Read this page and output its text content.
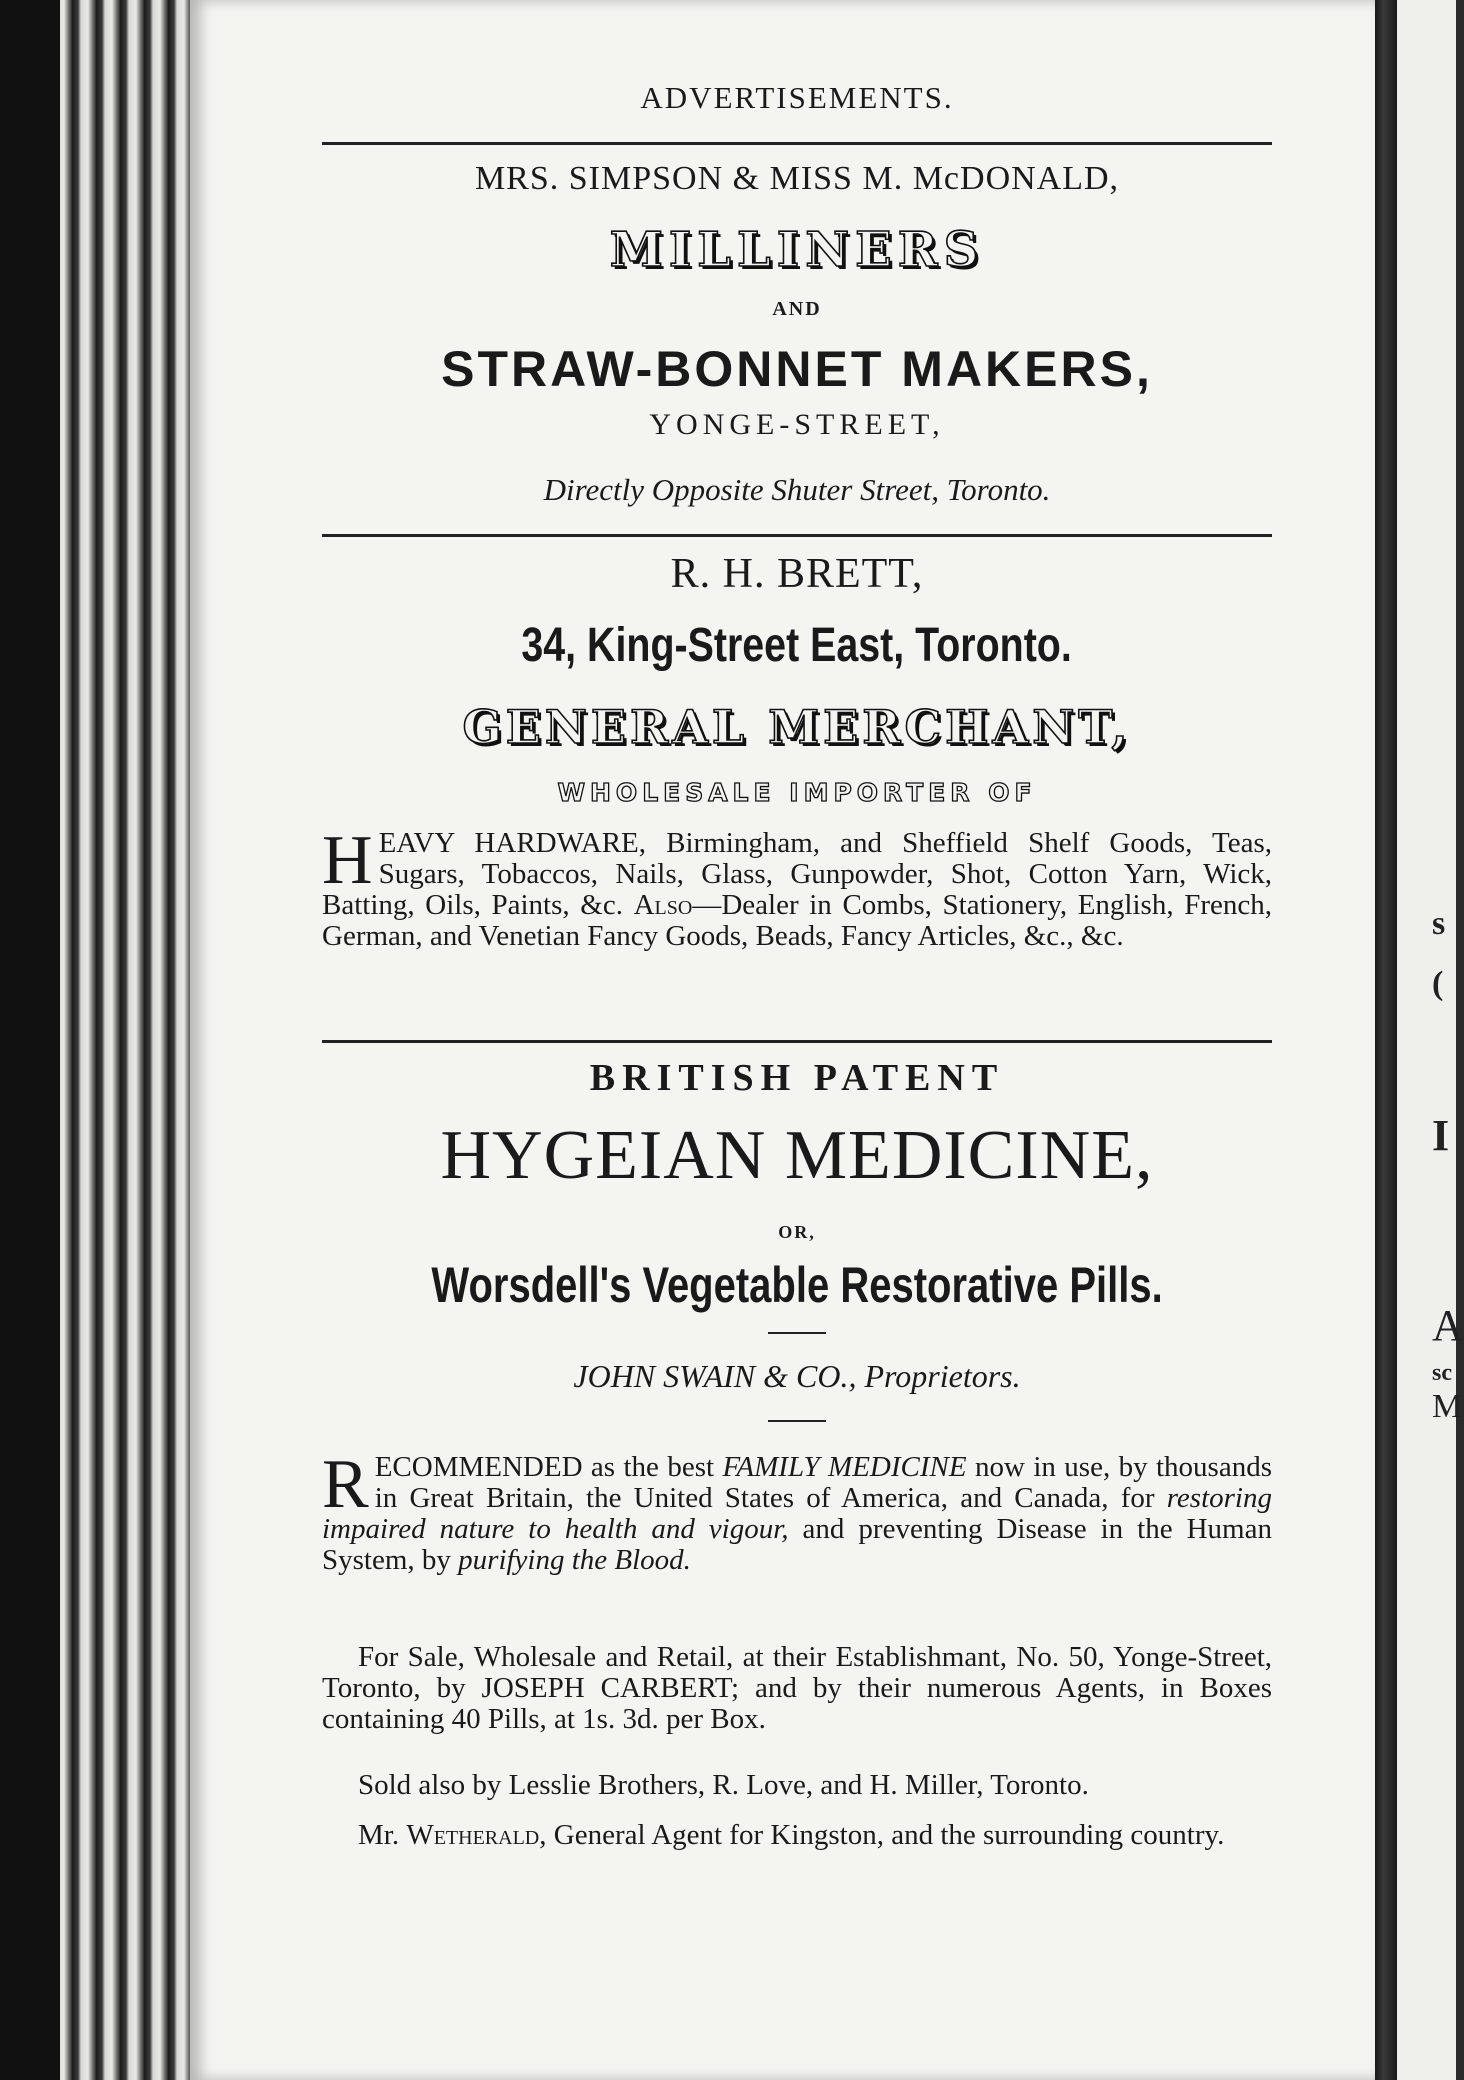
s
(
I
A
sc
M
ADVERTISEMENTS.
MRS. SIMPSON & MISS M. McDONALD,
MILLINERS
AND
STRAW-BONNET MAKERS,
YONGE-STREET,
Directly Opposite Shuter Street, Toronto.
R. H. BRETT,
34, King-Street East, Toronto.
GENERAL MERCHANT,
WHOLESALE IMPORTER OF
HEAVY HARDWARE, Birmingham, and Sheffield Shelf Goods, Teas, Sugars, Tobaccos, Nails, Glass, Gunpowder, Shot, Cotton Yarn, Wick, Batting, Oils, Paints, &c. Also—Dealer in Combs, Stationery, English, French, German, and Venetian Fancy Goods, Beads, Fancy Articles, &c., &c.
BRITISH PATENT
HYGEIAN MEDICINE,
OR,
Worsdell's Vegetable Restorative Pills.
JOHN SWAIN & CO., Proprietors.
RECOMMENDED as the best FAMILY MEDICINE now in use, by thousands in Great Britain, the United States of America, and Canada, for restoring impaired nature to health and vigour, and preventing Disease in the Human System, by purifying the Blood.
For Sale, Wholesale and Retail, at their Establishmant, No. 50, Yonge-Street, Toronto, by JOSEPH CARBERT; and by their numerous Agents, in Boxes containing 40 Pills, at 1s. 3d. per Box.
Sold also by Lesslie Brothers, R. Love, and H. Miller, Toronto.
Mr. Wetherald, General Agent for Kingston, and the surrounding country.
